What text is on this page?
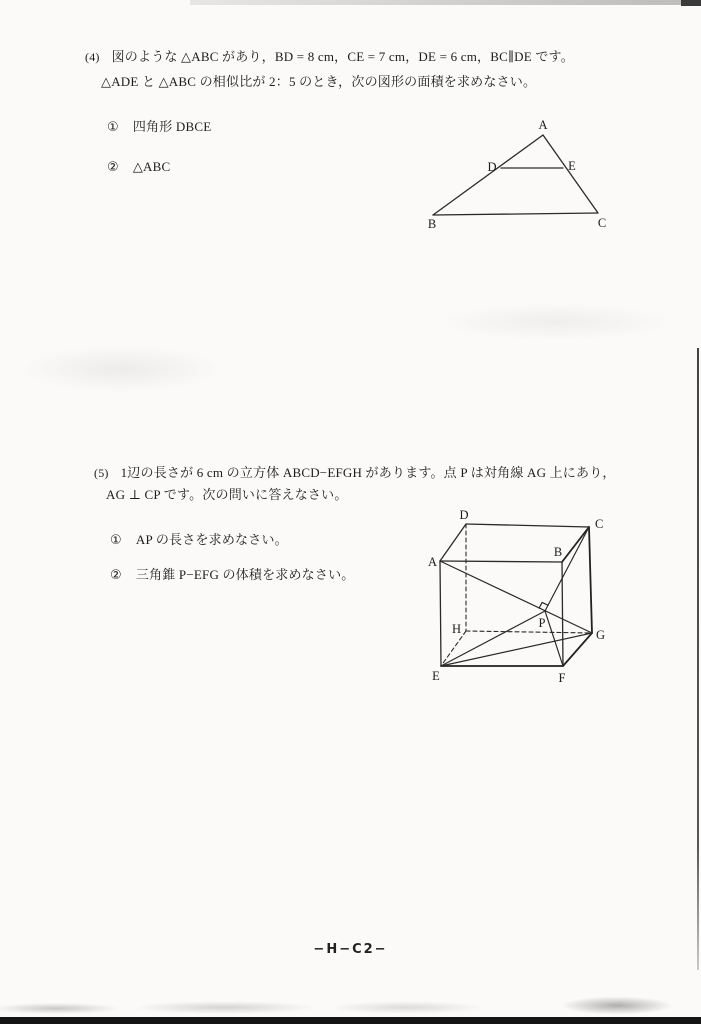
(4) 図のような △ABC があり，BD = 8 cm，CE = 7 cm，DE = 6 cm，BC∥DE です。
△ADE と △ABC の相似比が 2：5 のとき，次の図形の面積を求めなさい。
① 四角形 DBCE
② △ABC
A
D	E
B	C
(5) 1辺の長さが 6 cm の立方体 ABCD−EFGH があります。点 P は対角線 AG 上にあり，
AG ⊥ CP です。次の問いに答えなさい。
① AP の長さを求めなさい。
② 三角錐 P−EFG の体積を求めなさい。
A
B
C
D
E	F
G
H	P
−H−C2−
